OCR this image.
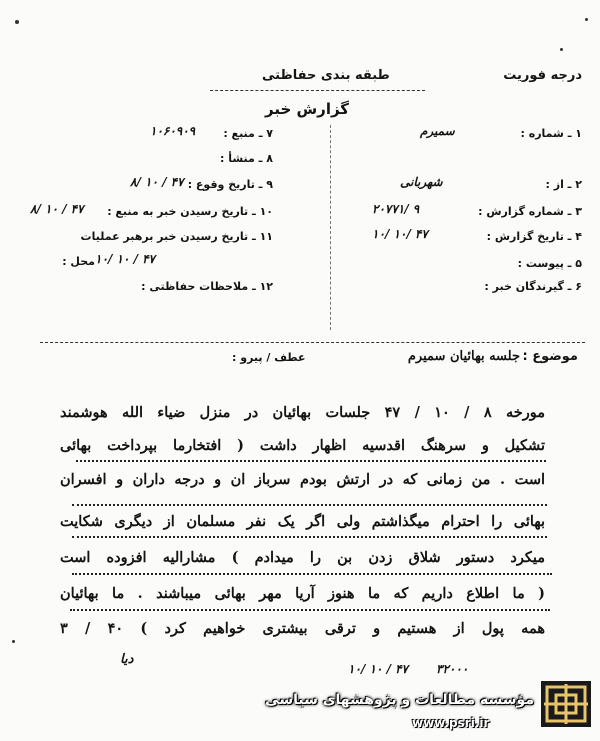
درجه فوریت
طبقه بندی حفاظتی
گزارش خبر
۷ ـ منبع :
۱۰۶۰۹۰۹
۸ ـ منشأ :
۹ ـ تاریخ وقوع :
۸/ ۱۰ / ۴۷
۱۰ ـ تاریخ رسیدن خبر به منبع :
۸/ ۱۰ / ۴۷
۱۱ ـ تاریخ رسیدن خبر برهبر عملیات
محل : ۱۰/ ۱۰ / ۴۷
۱۲ ـ ملاحظات حفاظتی :
۱ ـ شماره :
سمیرم
۲ ـ از :
شهربانی
۳ ـ شماره گزارش :
۲۰۷۷۱/ ۹
۴ ـ تاریخ گزارش :
۱۰/ ۱۰/ ۴۷
۵ ـ پیوست :
۶ ـ گیرندگان خبر :
موضوع :
جلسه بهائیان سمیرم
عطف / پیرو :
مورخه ۸ / ۱۰ / ۴۷ جلسات بهائیان در منزل ضیاء الله هوشمند
تشکیل و سرهنگ اقدسیه اظهار داشت ( افتخارما بپرداخت بهائی
است . من زمانی که در ارتش بودم سرباز ان و درجه داران و افسران
بهائی را احترام میگذاشتم ولی اگر یک نفر مسلمان از دیگری شکایت
میکرد دستور شلاق زدن بن را میدادم ) مشارالیه افزوده است
( ما اطلاع داریم که ما هنوز آریا مهر بهائی میباشند . ما بهائیان
همه پول از هستیم و ترقی بیشتری خواهیم کرد ) ۴۰ / ۳
دیا
۱۰/ ۱۰ / ۴۷ ۳۲۰۰۰
مؤسسه مطالعات و پژوهشهای سیاسی
www.psri.ir
